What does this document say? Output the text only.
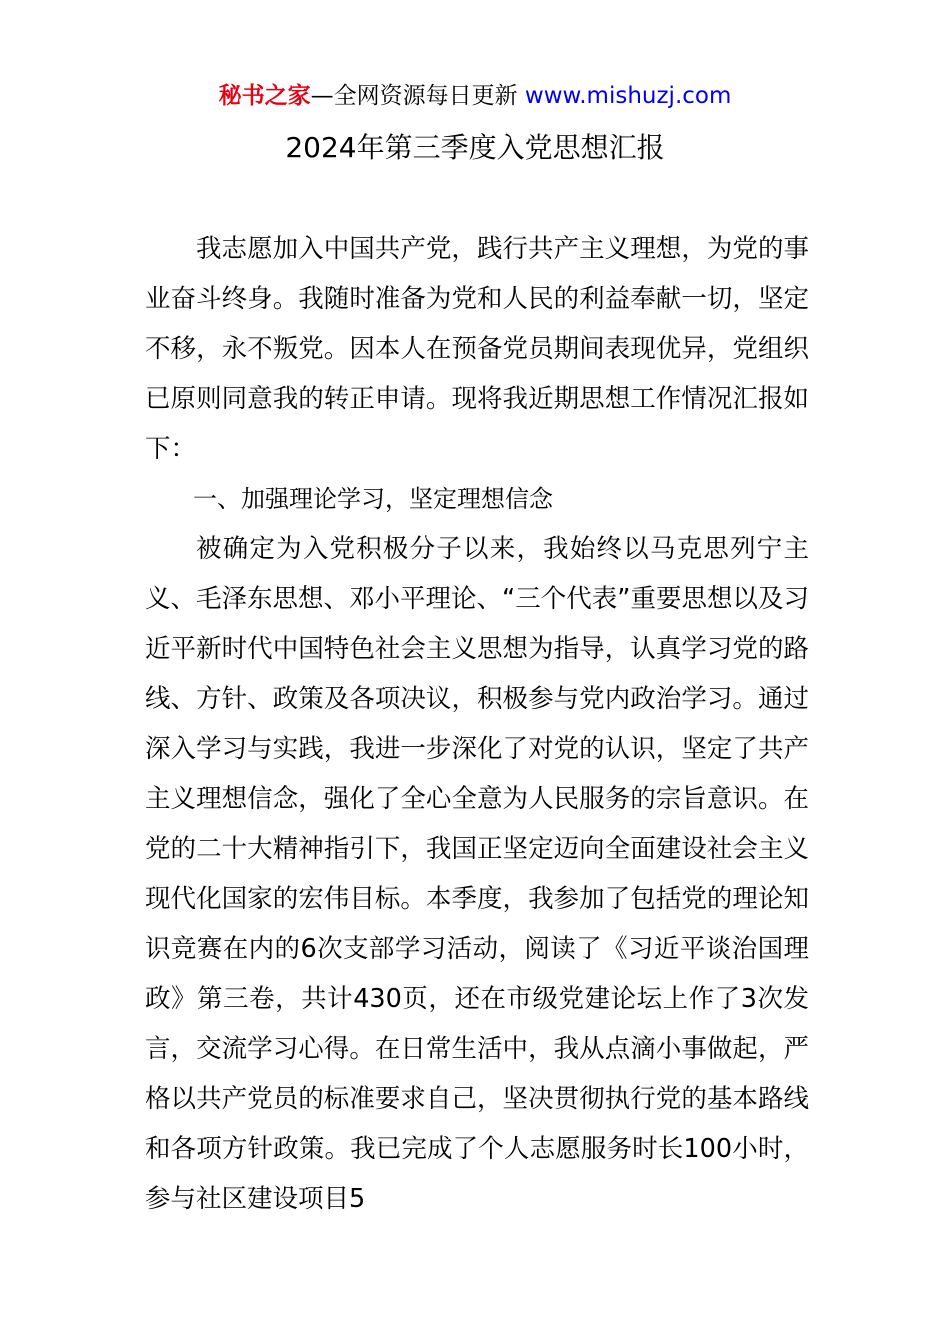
秘书之家—全网资源每日更新 www.mishuzj.com
2024年第三季度入党思想汇报

我志愿加入中国共产党，践行共产主义理想，为党的事业奋斗终身。我随时准备为党和人民的利益奉献一切，坚定不移，永不叛党。因本人在预备党员期间表现优异，党组织已原则同意我的转正申请。现将我近期思想工作情况汇报如下：

一、加强理论学习，坚定理想信念

被确定为入党积极分子以来，我始终以马克思列宁主义、毛泽东思想、邓小平理论、“三个代表”重要思想以及习近平新时代中国特色社会主义思想为指导，认真学习党的路线、方针、政策及各项决议，积极参与党内政治学习。通过深入学习与实践，我进一步深化了对党的认识，坚定了共产主义理想信念，强化了全心全意为人民服务的宗旨意识。在党的二十大精神指引下，我国正坚定迈向全面建设社会主义现代化国家的宏伟目标。本季度，我参加了包括党的理论知识竞赛在内的6次支部学习活动，阅读了《习近平谈治国理政》第三卷，共计430页，还在市级党建论坛上作了3次发言，交流学习心得。在日常生活中，我从点滴小事做起，严格以共产党员的标准要求自己，坚决贯彻执行党的基本路线和各项方针政策。我已完成了个人志愿服务时长100小时，参与社区建设项目5
